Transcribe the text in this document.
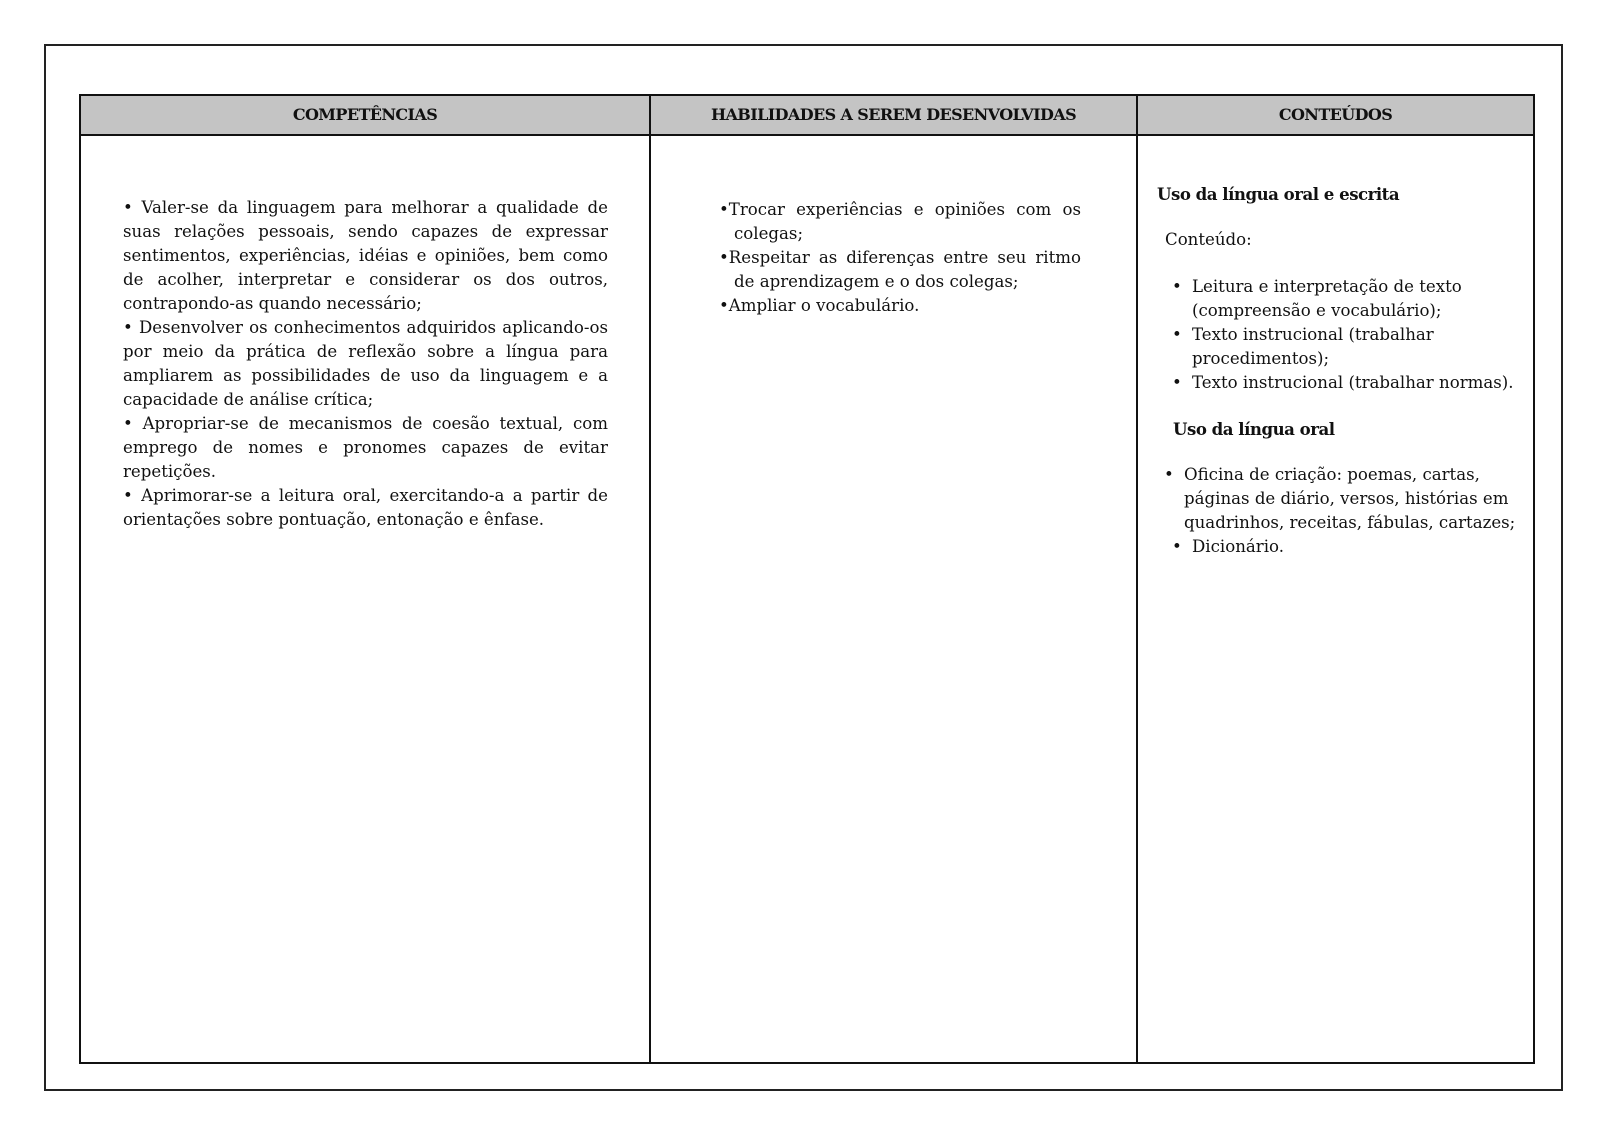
COMPETÊNCIAS	HABILIDADES A SEREM DESENVOLVIDAS	CONTEÚDOS

• Valer-se da linguagem para melhorar a qualidade de suas relações pessoais, sendo capazes de expressar sentimentos, experiências, idéias e opiniões, bem como de acolher, interpretar e considerar os dos outros, contrapondo-as quando necessário;

• Desenvolver os conhecimentos adquiridos aplicando-os por meio da prática de reflexão sobre a língua para ampliarem as possibilidades de uso da linguagem e a capacidade de análise crítica;

• Apropriar-se de mecanismos de coesão textual, com emprego de nomes e pronomes capazes de evitar repetições.

• Aprimorar-se a leitura oral, exercitando-a a partir de orientações sobre pontuação, entonação e ênfase.

•Trocar experiências e opiniões com os colegas;

•Respeitar as diferenças entre seu ritmo de aprendizagem e o dos colegas;

•Ampliar o vocabulário.

Uso da língua oral e escrita

Conteúdo:

• Leitura e interpretação de texto (compreensão e vocabulário);
• Texto instrucional (trabalhar procedimentos);
• Texto instrucional (trabalhar normas).

Uso da língua oral

• Oficina de criação: poemas, cartas, páginas de diário, versos, histórias em quadrinhos, receitas, fábulas, cartazes;
• Dicionário.
